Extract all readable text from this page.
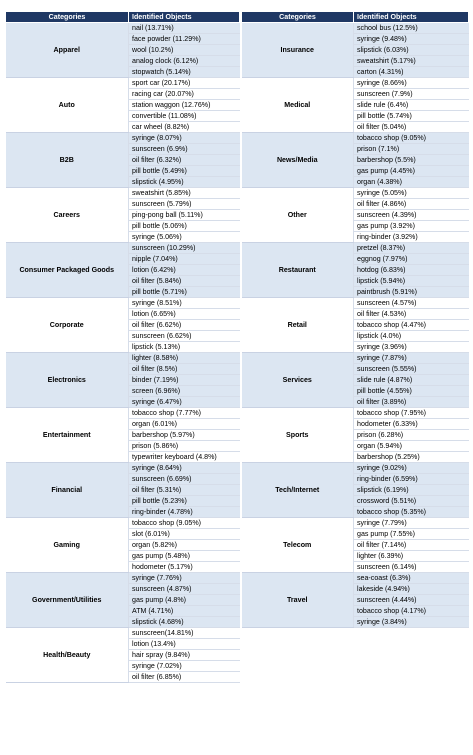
Categories	Identified Objects
Apparel	nail (13.71%)
	face powder (11.29%)
	wool (10.2%)
	analog clock (6.12%)
	stopwatch (5.14%)
Auto	sport car (20.17%)
	racing car (20.07%)
	station waggon (12.76%)
	convertible (11.08%)
	car wheel (8.82%)
B2B	syringe (8.07%)
	sunscreen (6.9%)
	oil filter (6.32%)
	pill bottle (5.49%)
	slipstick (4.95%)
Careers	sweatshirt (5.85%)
	sunscreen (5.79%)
	ping-pong ball (5.11%)
	pill bottle (5.06%)
	syringe (5.06%)
Consumer Packaged Goods	sunscreen (10.29%)
	nipple (7.04%)
	lotion (6.42%)
	oil filter (5.84%)
	pill bottle (5.71%)
Corporate	syringe (8.51%)
	lotion (6.65%)
	oil filter (6.62%)
	sunscreen (6.62%)
	lipstick (5.13%)
Electronics	lighter (8.58%)
	oil filter (8.5%)
	binder (7.19%)
	screen (6.96%)
	syringe (6.47%)
Entertainment	tobacco shop (7.77%)
	organ (6.01%)
	barbershop (5.97%)
	prison (5.86%)
	typewriter keyboard (4.8%)
Financial	syringe (8.64%)
	sunscreen (6.69%)
	oil filter (5.31%)
	pill bottle (5.23%)
	ring-binder (4.78%)
Gaming	tobacco shop (9.05%)
	slot (6.01%)
	organ (5.82%)
	gas pump (5.48%)
	hodometer (5.17%)
Government/Utilities	syringe (7.76%)
	sunscreen (4.87%)
	gas pump (4.8%)
	ATM (4.71%)
	slipstick (4.68%)
Health/Beauty	sunscreen(14.81%)
	lotion (13.4%)
	hair spray (9.84%)
	syringe (7.02%)
	oil filter (6.85%)
Categories	Identified Objects
Insurance	school bus (12.5%)
	syringe (9.48%)
	slipstick (6.03%)
	sweatshirt (5.17%)
	carton (4.31%)
Medical	syringe (8.66%)
	sunscreen (7.9%)
	slide rule (6.4%)
	pill bottle (5.74%)
	oil filter (5.04%)
News/Media	tobacco shop (9.05%)
	prison (7.1%)
	barbershop (5.5%)
	gas pump (4.45%)
	organ (4.38%)
Other	syringe (5.05%)
	oil filter (4.86%)
	sunscreen (4.39%)
	gas pump (3.92%)
	ring-binder (3.92%)
Restaurant	pretzel (8.37%)
	eggnog (7.97%)
	hotdog (6.83%)
	lipstick (5.94%)
	paintbrush (5.91%)
Retail	sunscreen (4.57%)
	oil filter (4.53%)
	tobacco shop (4.47%)
	lipstick (4.0%)
	syringe (3.96%)
Services	syringe (7.87%)
	sunscreen (5.55%)
	slide rule (4.87%)
	pill bottle (4.55%)
	oil filter (3.89%)
Sports	tobacco shop (7.95%)
	hodometer (6.33%)
	prison (6.28%)
	organ (5.94%)
	barbershop (5.25%)
Tech/Internet	syringe (9.02%)
	ring-binder (6.59%)
	slipstick (6.19%)
	crossword (5.51%)
	tobacco shop (5.35%)
Telecom	syringe (7.79%)
	gas pump (7.55%)
	oil filter (7.14%)
	lighter (6.39%)
	sunscreen (6.14%)
Travel	sea-coast (6.3%)
	lakeside (4.94%)
	sunscreen (4.44%)
	tobacco shop (4.17%)
	syringe (3.84%)
